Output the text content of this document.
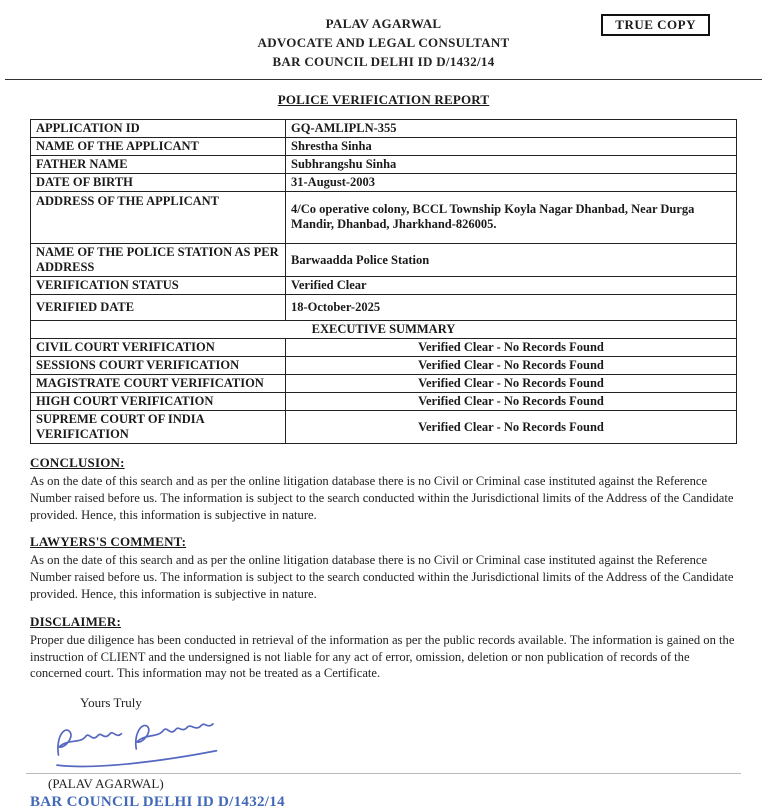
TRUE COPY
PALAV AGARWAL
ADVOCATE AND LEGAL CONSULTANT
BAR COUNCIL DELHI ID D/1432/14
POLICE VERIFICATION REPORT
APPLICATION ID	GQ-AMLIPLN-355
NAME OF THE APPLICANT	Shrestha Sinha
FATHER NAME	Subhrangshu Sinha
DATE OF BIRTH	31-August-2003
ADDRESS OF THE APPLICANT	4/Co operative colony, BCCL Township Koyla Nagar Dhanbad, Near Durga Mandir, Dhanbad, Jharkhand-826005.
NAME OF THE POLICE STATION AS PER ADDRESS	Barwaadda Police Station
VERIFICATION STATUS	Verified Clear
VERIFIED DATE	18-October-2025
EXECUTIVE SUMMARY	
CIVIL COURT VERIFICATION	Verified Clear - No Records Found
SESSIONS COURT VERIFICATION	Verified Clear - No Records Found
MAGISTRATE COURT VERIFICATION	Verified Clear - No Records Found
HIGH COURT VERIFICATION	Verified Clear - No Records Found
SUPREME COURT OF INDIA VERIFICATION	Verified Clear - No Records Found
CONCLUSION:
As on the date of this search and as per the online litigation database there is no Civil or Criminal case instituted against the Reference Number raised before us. The information is subject to the search conducted within the Jurisdictional limits of the Address of the Candidate provided. Hence, this information is subjective in nature.
LAWYERS'S COMMENT:
As on the date of this search and as per the online litigation database there is no Civil or Criminal case instituted against the Reference Number raised before us. The information is subject to the search conducted within the Jurisdictional limits of the Address of the Candidate provided. Hence, this information is subjective in nature.
DISCLAIMER:
Proper due diligence has been conducted in retrieval of the information as per the public records available. The information is gained on the instruction of CLIENT and the undersigned is not liable for any act of error, omission, deletion or non publication of records of the concerned court. This information may not be treated as a Certificate.
Yours Truly
(PALAV AGARWAL)
BAR COUNCIL DELHI ID D/1432/14
